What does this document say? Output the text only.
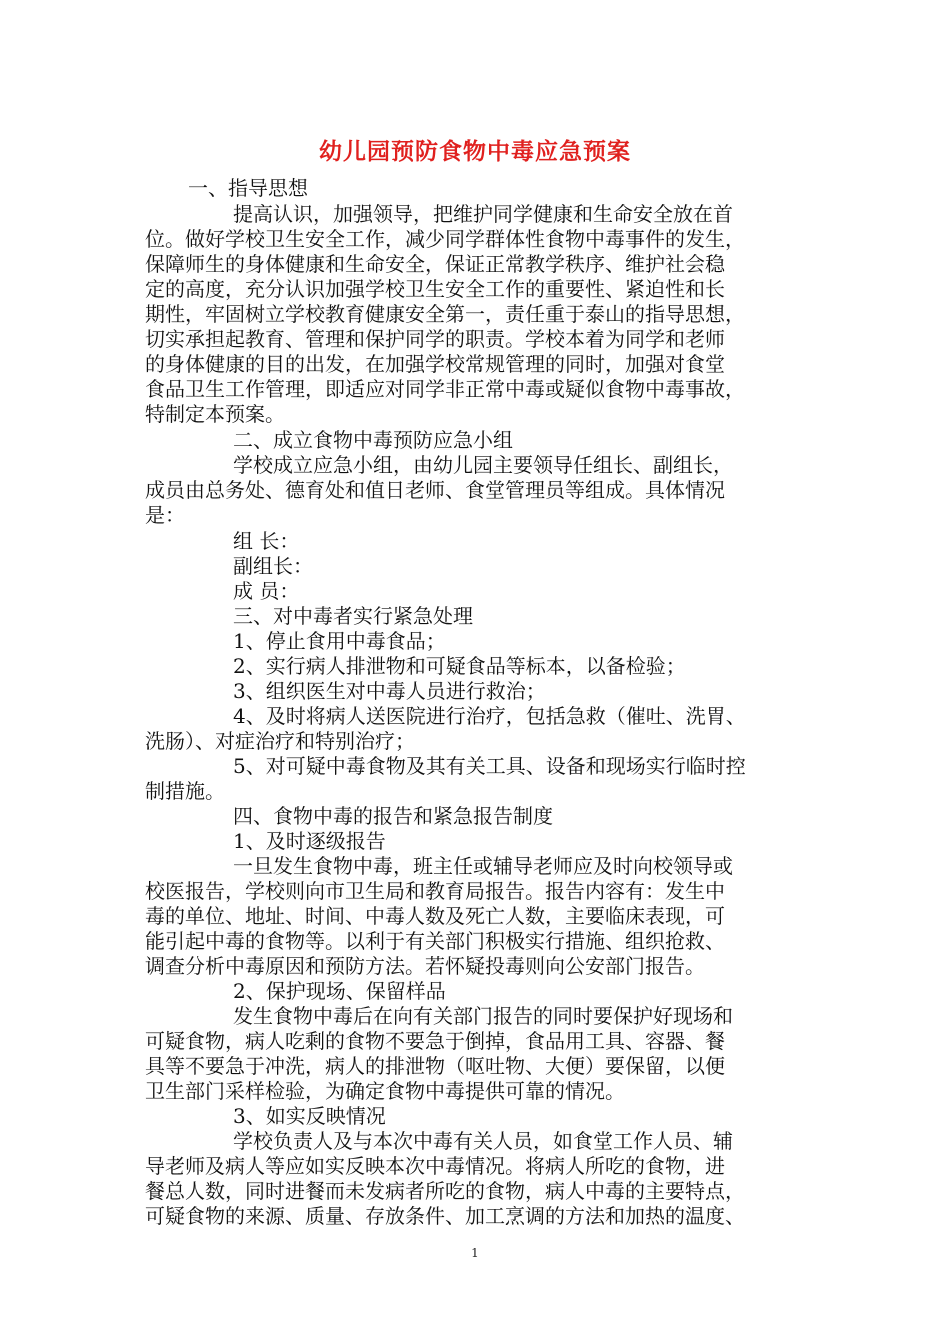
幼儿园预防食物中毒应急预案
一、指导思想
提高认识，加强领导，把维护同学健康和生命安全放在首
位。做好学校卫生安全工作，减少同学群体性食物中毒事件的发生，
保障师生的身体健康和生命安全，保证正常教学秩序、维护社会稳
定的高度，充分认识加强学校卫生安全工作的重要性、紧迫性和长
期性，牢固树立学校教育健康安全第一，责任重于泰山的指导思想，
切实承担起教育、管理和保护同学的职责。学校本着为同学和老师
的身体健康的目的出发，在加强学校常规管理的同时，加强对食堂
食品卫生工作管理，即适应对同学非正常中毒或疑似食物中毒事故，
特制定本预案。
二、成立食物中毒预防应急小组
学校成立应急小组，由幼儿园主要领导任组长、副组长，
成员由总务处、德育处和值日老师、食堂管理员等组成。具体情况
是：
组 长：
副组长：
成 员：
三、对中毒者实行紧急处理
1、停止食用中毒食品；
2、实行病人排泄物和可疑食品等标本，以备检验；
3、组织医生对中毒人员进行救治；
4、及时将病人送医院进行治疗，包括急救（催吐、洗胃、
洗肠）、对症治疗和特别治疗；
5、对可疑中毒食物及其有关工具、设备和现场实行临时控
制措施。
四、食物中毒的报告和紧急报告制度
1、及时逐级报告
一旦发生食物中毒，班主任或辅导老师应及时向校领导或
校医报告，学校则向市卫生局和教育局报告。报告内容有：发生中
毒的单位、地址、时间、中毒人数及死亡人数，主要临床表现，可
能引起中毒的食物等。以利于有关部门积极实行措施、组织抢救、
调查分析中毒原因和预防方法。若怀疑投毒则向公安部门报告。
2、保护现场、保留样品
发生食物中毒后在向有关部门报告的同时要保护好现场和
可疑食物，病人吃剩的食物不要急于倒掉，食品用工具、容器、餐
具等不要急于冲洗，病人的排泄物（呕吐物、大便）要保留，以便
卫生部门采样检验，为确定食物中毒提供可靠的情况。
3、如实反映情况
学校负责人及与本次中毒有关人员，如食堂工作人员、辅
导老师及病人等应如实反映本次中毒情况。将病人所吃的食物，进
餐总人数，同时进餐而未发病者所吃的食物，病人中毒的主要特点，
可疑食物的来源、质量、存放条件、加工烹调的方法和加热的温度、
1
